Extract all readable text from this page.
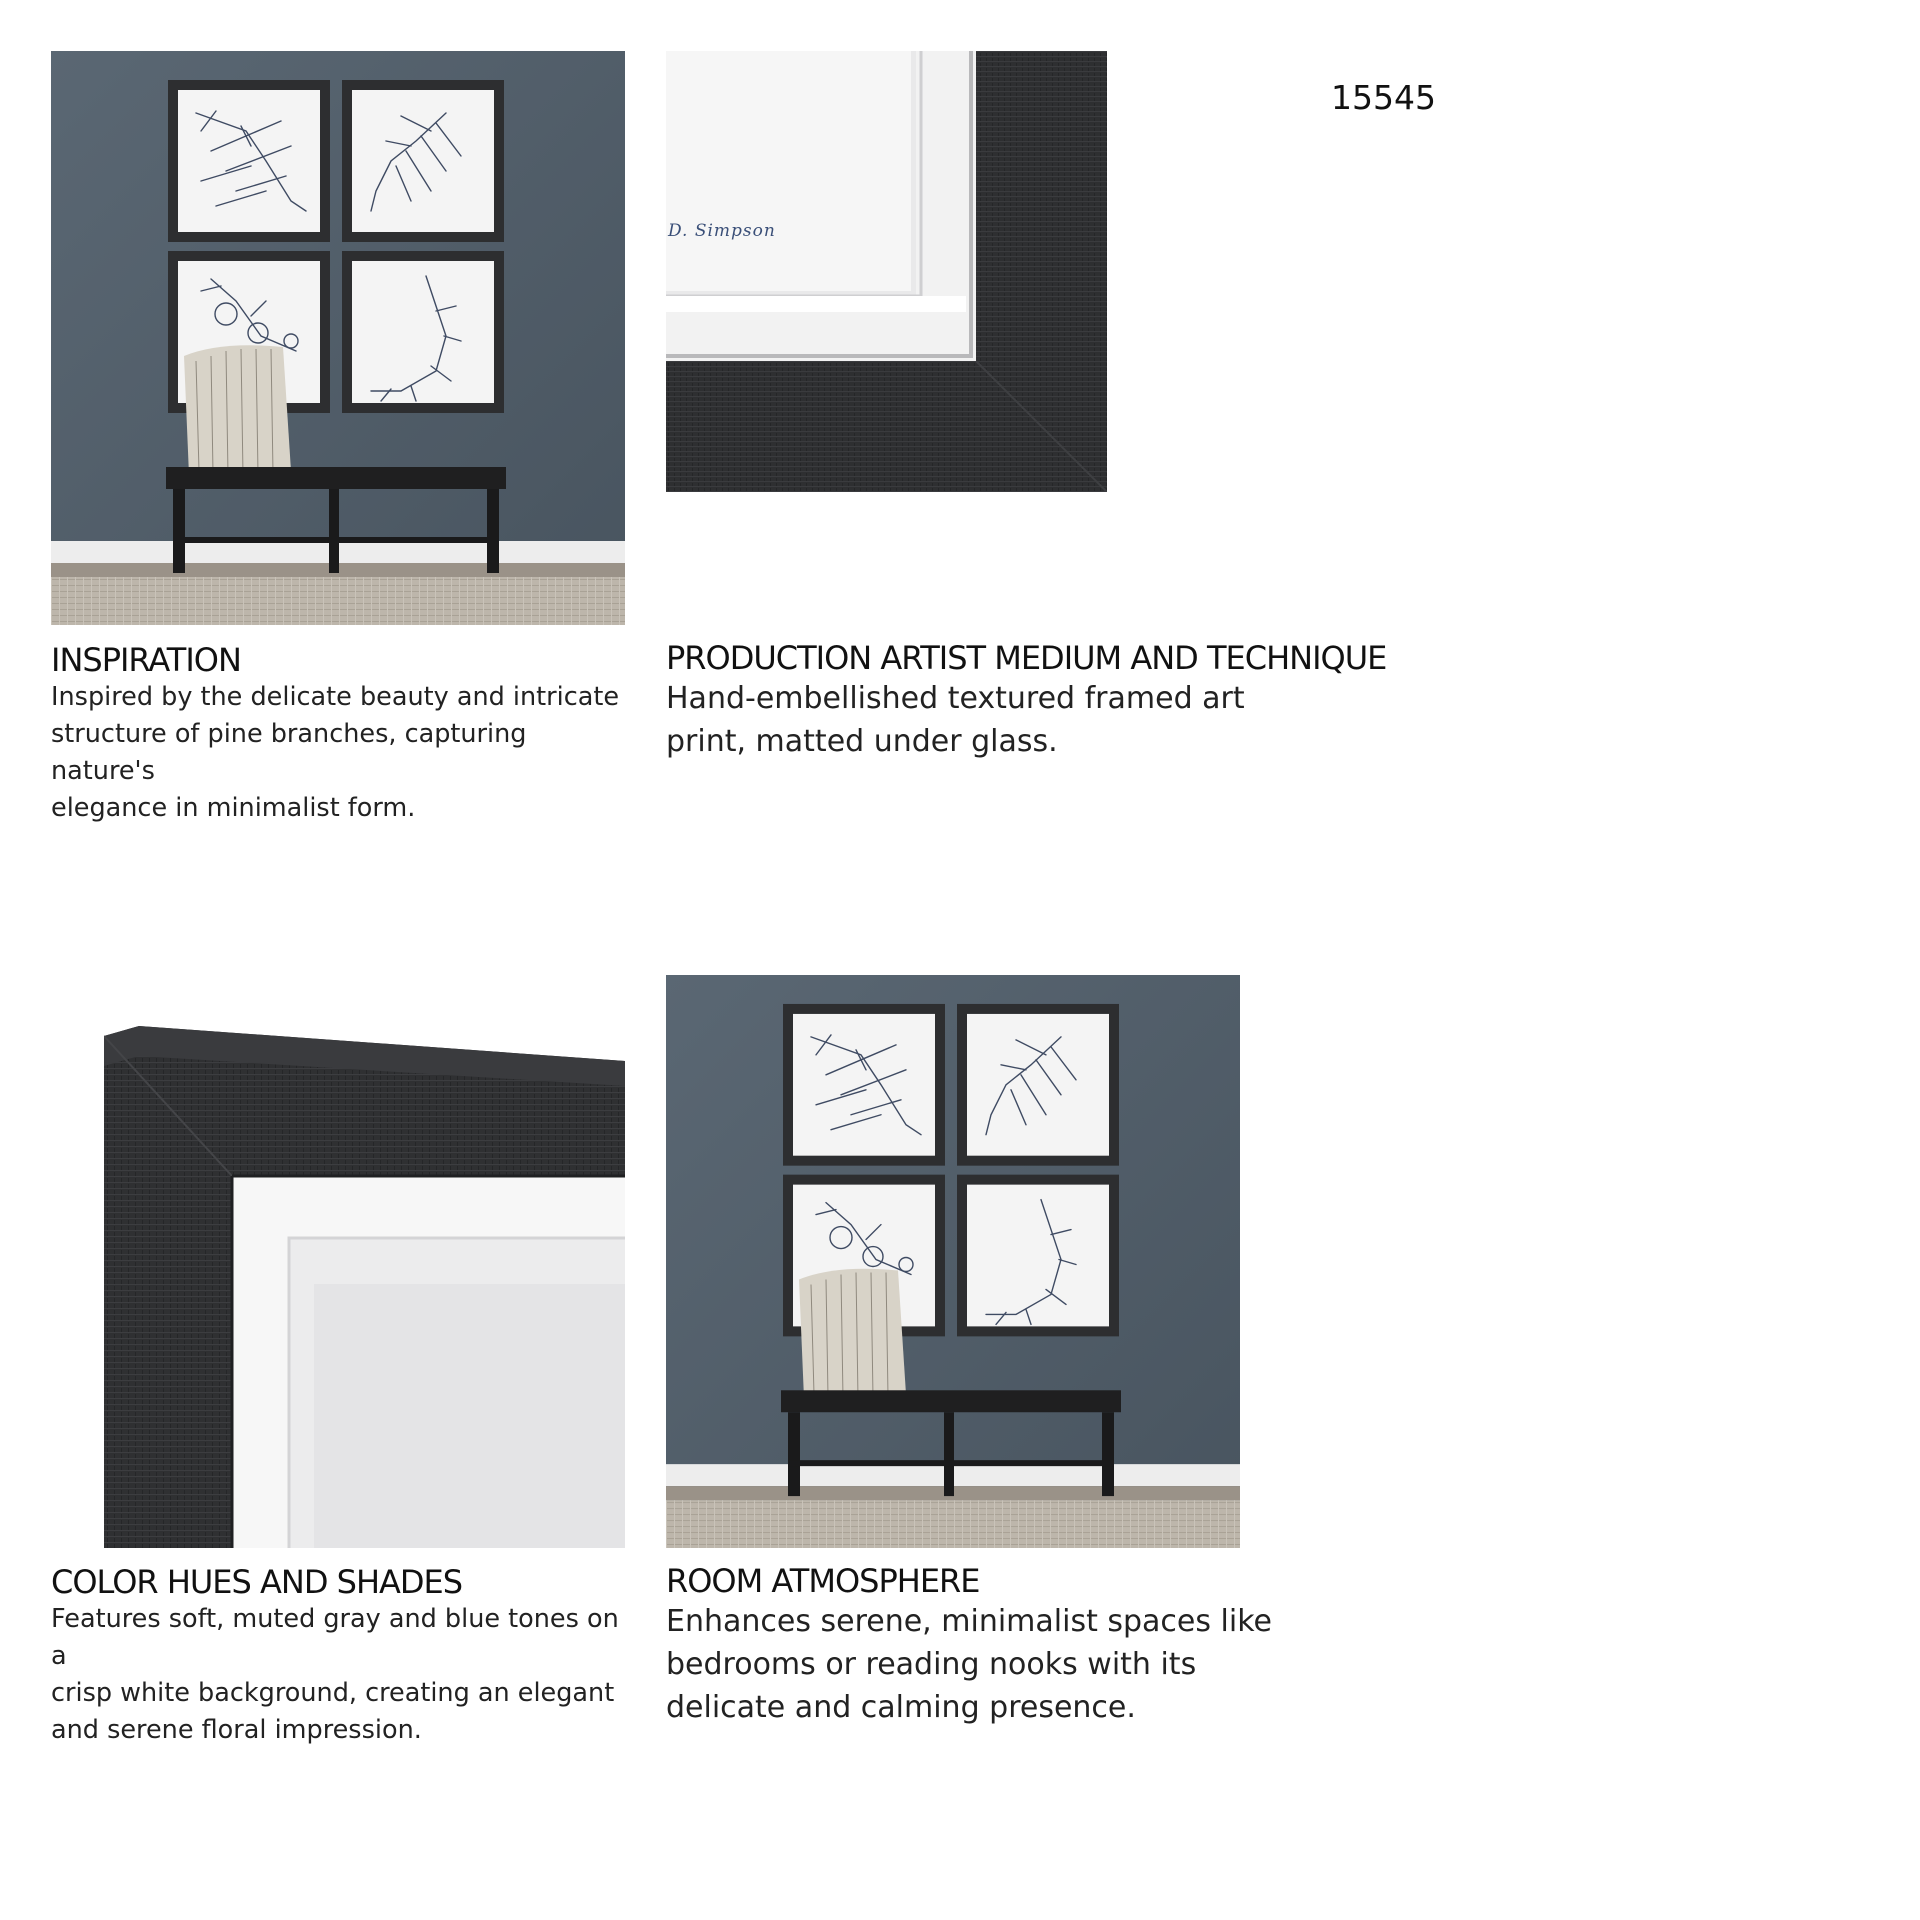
15545
INSPIRATION
Inspired by the delicate beauty and intricate
structure of pine branches, capturing nature's
elegance in minimalist form.
D. Simpson
PRODUCTION ARTIST MEDIUM AND TECHNIQUE
Hand-embellished textured framed art
print, matted under glass.
COLOR HUES AND SHADES
Features soft, muted gray and blue tones on a
crisp white background, creating an elegant
and serene floral impression.
ROOM ATMOSPHERE
Enhances serene, minimalist spaces like
bedrooms or reading nooks with its
delicate and calming presence.
